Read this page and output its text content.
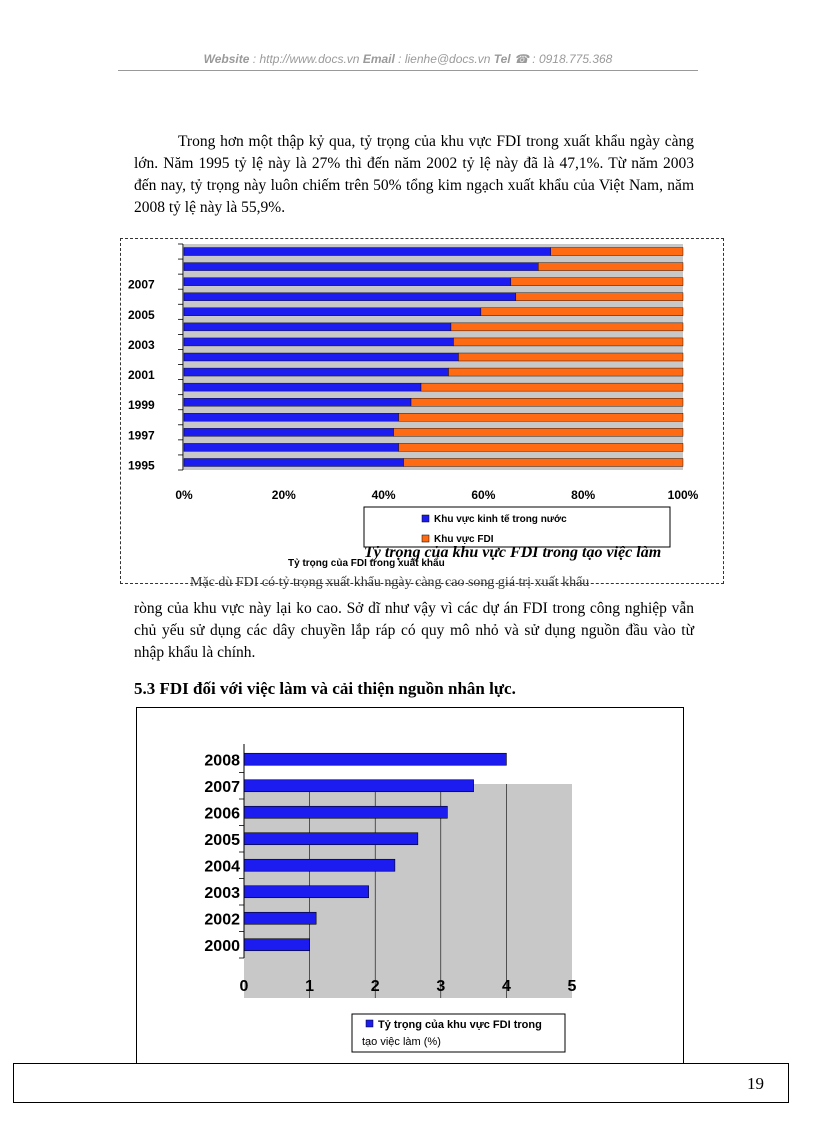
Website : http://www.docs.vn Email : lienhe@docs.vn Tel ☎ : 0918.775.368

Trong hơn một thập kỷ qua, tỷ trọng của khu vực FDI trong xuất khẩu ngày càng lớn. Năm 1995 tỷ lệ này là 27% thì đến năm 2002 tỷ lệ này đã là 47,1%. Từ năm 2003 đến nay, tỷ trọng này luôn chiếm trên 50% tổng kim ngạch xuất khẩu của Việt Nam, năm 2008 tỷ lệ này là 55,9%.

1995
1997
1999
2001
2003
2005
2007
0%	20%	40%	60%	80%	100%
Khu vực kinh tế trong nước
Khu vực FDI
Tỷ trọng của FDI trong xuất khẩu
Tỷ trọng của khu vực FDI trong tạo việc làm
Mặc dù FDI có tỷ trọng xuất khẩu ngày càng cao song giá trị xuất khẩu

ròng của khu vực này lại ko cao. Sở dĩ như vậy vì các dự án FDI trong công nghiệp vẫn chủ yếu sử dụng các dây chuyền lắp ráp có quy mô nhỏ và sử dụng nguồn đầu vào từ nhập khẩu là chính.

5.3 FDI đối với việc làm và cải thiện nguồn nhân lực.
2008
2007
2006
2005
2004
2003
2002
2000
0	1	2	3	4	5
Tỷ trọng của khu vực FDI trong
tạo việc làm (%)
19
